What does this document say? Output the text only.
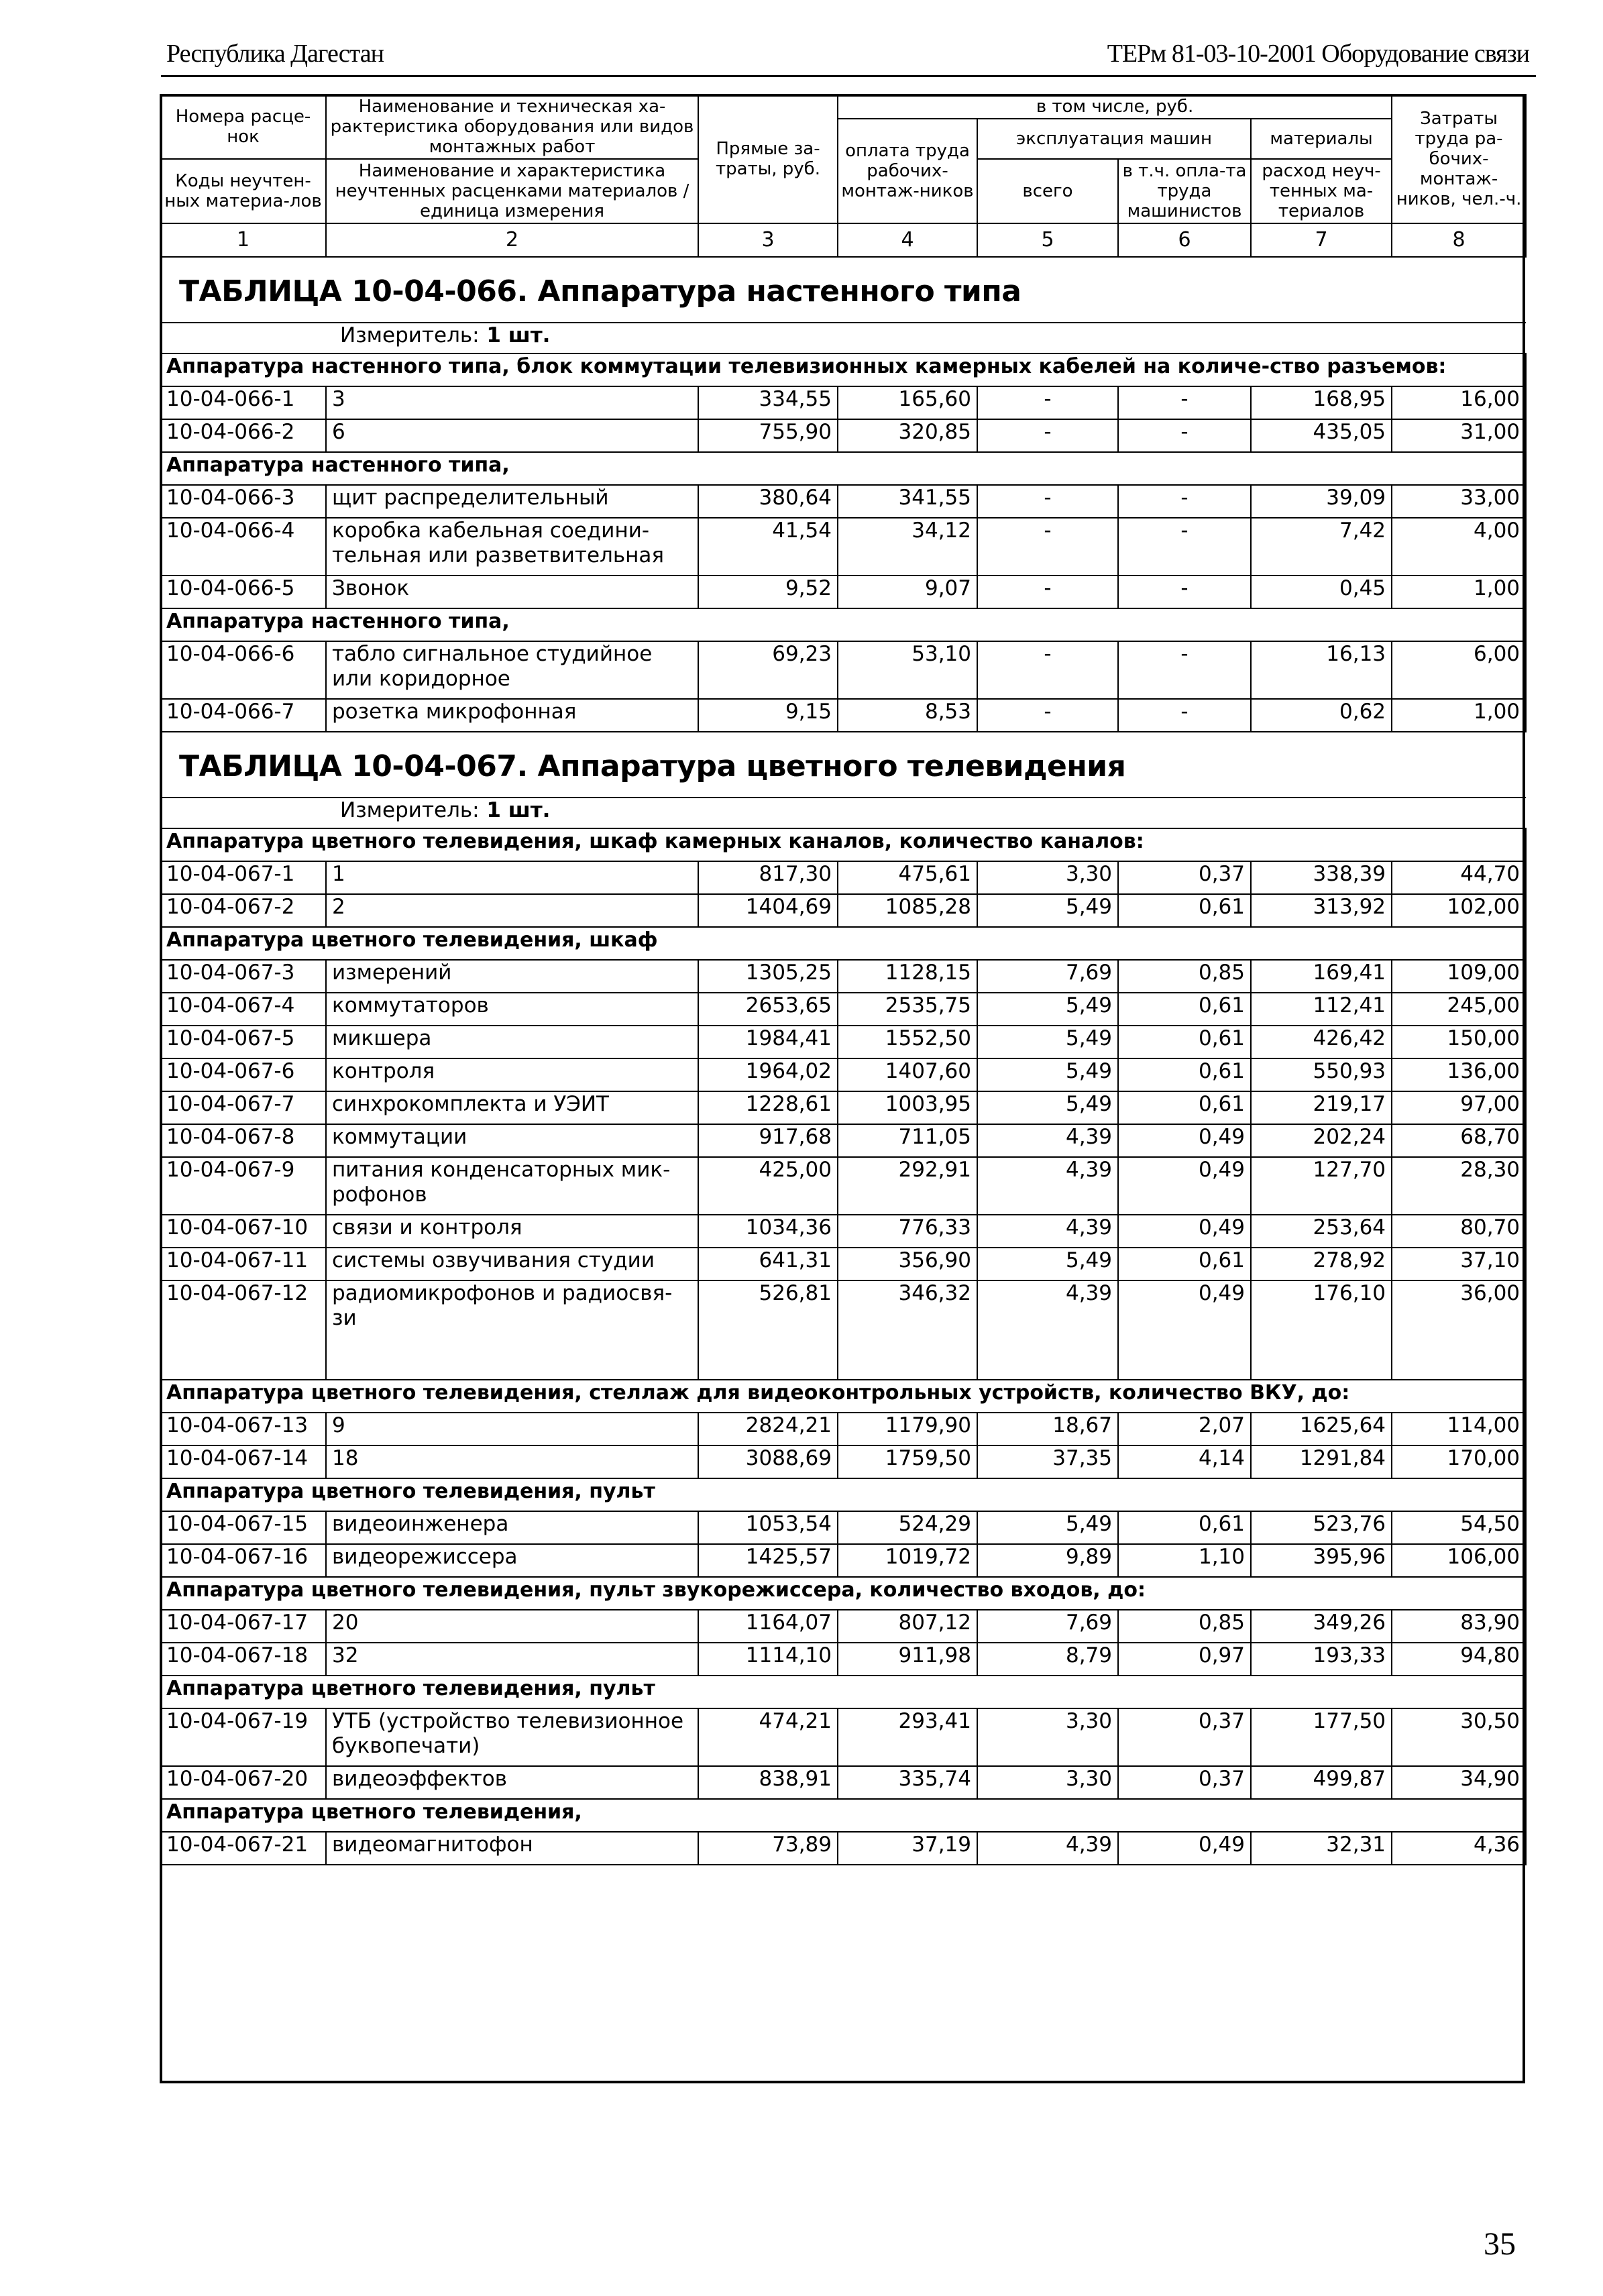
Республика Дагестан	ТЕРм 81-03-10-2001 Оборудование связи
Номера расце-нок	Наименование и техническая ха-рактеристика оборудования или видов монтажных работ	Прямые за-траты, руб.	в том числе, руб.				Затраты труда ра-бочих-монтаж-ников, чел.-ч.
			оплата труда рабочих-монтаж-ников	эксплуатация машин		материалы	
Коды неучтен-ных материа-лов	Наименование и характеристика неучтенных расценками материалов / единица измерения			всего	в т.ч. опла-та труда машинистов	расход неуч-тенных ма-териалов	

1	2	3	4	5	6	7	8

ТАБЛИЦА 10-04-066. Аппаратура настенного типа							

Измеритель: 1 шт.							
Аппаратура настенного типа, блок коммутации телевизионных камерных кабелей на количе-ство разъемов:							
10-04-066-1	3	334,55	165,60	-	-	168,95	16,00
10-04-066-2	6	755,90	320,85	-	-	435,05	31,00
Аппаратура настенного типа,							
10-04-066-3	щит распределительный	380,64	341,55	-	-	39,09	33,00
10-04-066-4	коробка кабельная соедини-тельная или разветвительная	41,54	34,12	-	-	7,42	4,00
10-04-066-5	Звонок	9,52	9,07	-	-	0,45	1,00
Аппаратура настенного типа,							
10-04-066-6	табло сигнальное студийное или коридорное	69,23	53,10	-	-	16,13	6,00
10-04-066-7	розетка микрофонная	9,15	8,53	-	-	0,62	1,00

ТАБЛИЦА 10-04-067. Аппаратура цветного телевидения							

Измеритель: 1 шт.							
Аппаратура цветного телевидения, шкаф камерных каналов, количество каналов:							
10-04-067-1	1	817,30	475,61	3,30	0,37	338,39	44,70
10-04-067-2	2	1404,69	1085,28	5,49	0,61	313,92	102,00
Аппаратура цветного телевидения, шкаф							
10-04-067-3	измерений	1305,25	1128,15	7,69	0,85	169,41	109,00
10-04-067-4	коммутаторов	2653,65	2535,75	5,49	0,61	112,41	245,00
10-04-067-5	микшера	1984,41	1552,50	5,49	0,61	426,42	150,00
10-04-067-6	контроля	1964,02	1407,60	5,49	0,61	550,93	136,00
10-04-067-7	синхрокомплекта и УЭИТ	1228,61	1003,95	5,49	0,61	219,17	97,00
10-04-067-8	коммутации	917,68	711,05	4,39	0,49	202,24	68,70
10-04-067-9	питания конденсаторных мик-рофонов	425,00	292,91	4,39	0,49	127,70	28,30
10-04-067-10	связи и контроля	1034,36	776,33	4,39	0,49	253,64	80,70
10-04-067-11	системы озвучивания студии	641,31	356,90	5,49	0,61	278,92	37,10
10-04-067-12	радиомикрофонов и радиосвя-зи	526,81	346,32	4,39	0,49	176,10	36,00
Аппаратура цветного телевидения, стеллаж для видеоконтрольных устройств, количество ВКУ, до:							
10-04-067-13	9	2824,21	1179,90	18,67	2,07	1625,64	114,00
10-04-067-14	18	3088,69	1759,50	37,35	4,14	1291,84	170,00
Аппаратура цветного телевидения, пульт							
10-04-067-15	видеоинженера	1053,54	524,29	5,49	0,61	523,76	54,50
10-04-067-16	видеорежиссера	1425,57	1019,72	9,89	1,10	395,96	106,00
Аппаратура цветного телевидения, пульт звукорежиссера, количество входов, до:							
10-04-067-17	20	1164,07	807,12	7,69	0,85	349,26	83,90
10-04-067-18	32	1114,10	911,98	8,79	0,97	193,33	94,80
Аппаратура цветного телевидения, пульт							
10-04-067-19	УТБ (устройство телевизионное буквопечати)	474,21	293,41	3,30	0,37	177,50	30,50
10-04-067-20	видеоэффектов	838,91	335,74	3,30	0,37	499,87	34,90
Аппаратура цветного телевидения,							
10-04-067-21	видеомагнитофон	73,89	37,19	4,39	0,49	32,31	4,36
35
